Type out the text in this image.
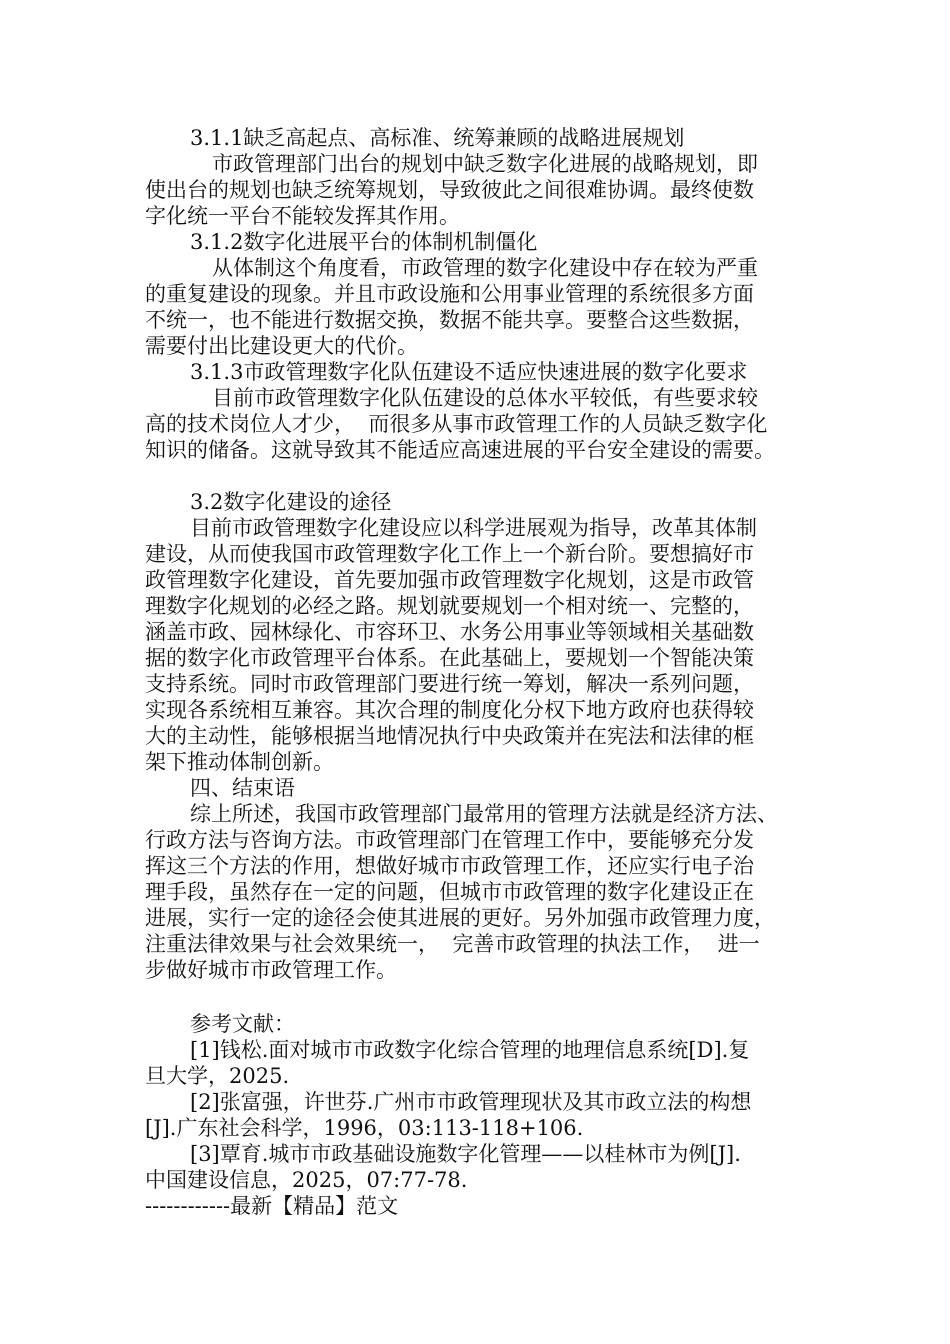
3.1.1缺乏高起点、高标准、统筹兼顾的战略进展规划

市政管理部门出台的规划中缺乏数字化进展的战略规划，即

使出台的规划也缺乏统筹规划，导致彼此之间很难协调。最终使数

字化统一平台不能较发挥其作用。

3.1.2数字化进展平台的体制机制僵化

从体制这个角度看，市政管理的数字化建设中存在较为严重

的重复建设的现象。并且市政设施和公用事业管理的系统很多方面

不统一，也不能进行数据交换，数据不能共享。要整合这些数据，

需要付出比建设更大的代价。

3.1.3市政管理数字化队伍建设不适应快速进展的数字化要求

目前市政管理数字化队伍建设的总体水平较低，有些要求较

高的技术岗位人才少，  而很多从事市政管理工作的人员缺乏数字化

知识的储备。这就导致其不能适应高速进展的平台安全建设的需要。

3.2数字化建设的途径

目前市政管理数字化建设应以科学进展观为指导，改革其体制

建设，从而使我国市政管理数字化工作上一个新台阶。要想搞好市

政管理数字化建设，首先要加强市政管理数字化规划，这是市政管

理数字化规划的必经之路。规划就要规划一个相对统一、完整的，

涵盖市政、园林绿化、市容环卫、水务公用事业等领域相关基础数

据的数字化市政管理平台体系。在此基础上，要规划一个智能决策

支持系统。同时市政管理部门要进行统一筹划，解决一系列问题，

实现各系统相互兼容。其次合理的制度化分权下地方政府也获得较

大的主动性，能够根据当地情况执行中央政策并在宪法和法律的框

架下推动体制创新。

四、结束语

综上所述，我国市政管理部门最常用的管理方法就是经济方法、

行政方法与咨询方法。市政管理部门在管理工作中，要能够充分发

挥这三个方法的作用，想做好城市市政管理工作，还应实行电子治

理手段，虽然存在一定的问题，但城市市政管理的数字化建设正在

进展，实行一定的途径会使其进展的更好。另外加强市政管理力度，

注重法律效果与社会效果统一，  完善市政管理的执法工作，  进一

步做好城市市政管理工作。

参考文献：

[1]钱松.面对城市市政数字化综合管理的地理信息系统[D].复

旦大学，2025.

[2]张富强，许世芬.广州市市政管理现状及其市政立法的构想

[J].广东社会科学，1996，03:113-118+106.

[3]覃育.城市市政基础设施数字化管理——以桂林市为例[J].

中国建设信息，2025，07:77-78.

------------最新【精品】范文
